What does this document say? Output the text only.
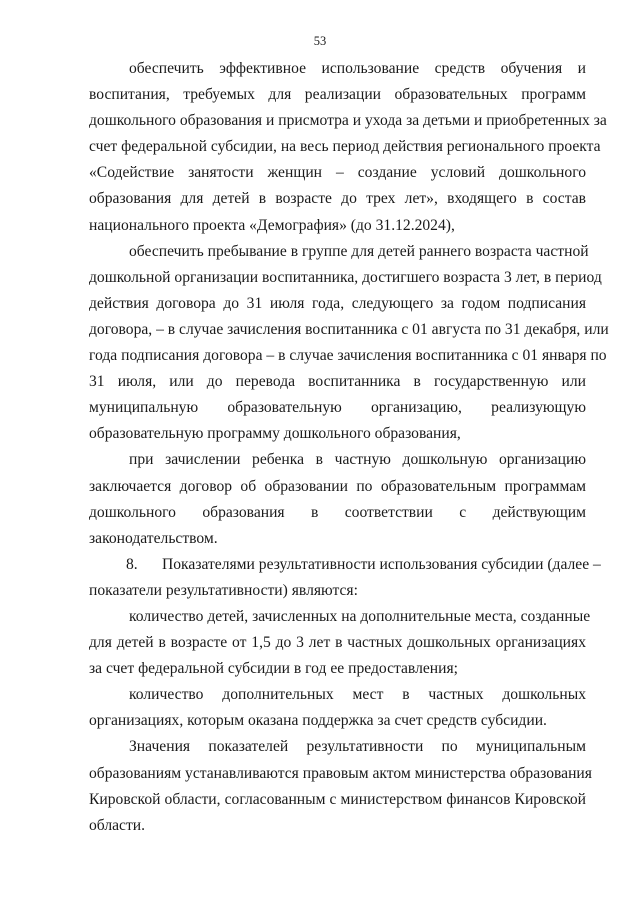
53
обеспечить эффективное использование средств обучения и
воспитания, требуемых для реализации образовательных программ
дошкольного образования и присмотра и ухода за детьми и приобретенных за
счет федеральной субсидии, на весь период действия регионального проекта
«Содействие занятости женщин – создание условий дошкольного
образования для детей в возрасте до трех лет», входящего в состав
национального проекта «Демография» (до 31.12.2024),
обеспечить пребывание в группе для детей раннего возраста частной
дошкольной организации воспитанника, достигшего возраста 3 лет, в период
действия договора до 31 июля года, следующего за годом подписания
договора, – в случае зачисления воспитанника с 01 августа по 31 декабря, или
года подписания договора – в случае зачисления воспитанника с 01 января по
31 июля, или до перевода воспитанника в государственную или
муниципальную образовательную организацию, реализующую
образовательную программу дошкольного образования,
при зачислении ребенка в частную дошкольную организацию
заключается договор об образовании по образовательным программам
дошкольного образования в соответствии с действующим
законодательством.
8. Показателями результативности использования субсидии (далее –
показатели результативности) являются:
количество детей, зачисленных на дополнительные места, созданные
для детей в возрасте от 1,5 до 3 лет в частных дошкольных организациях
за счет федеральной субсидии в год ее предоставления;
количество дополнительных мест в частных дошкольных
организациях, которым оказана поддержка за счет средств субсидии.
Значения показателей результативности по муниципальным
образованиям устанавливаются правовым актом министерства образования
Кировской области, согласованным с министерством финансов Кировской
области.
